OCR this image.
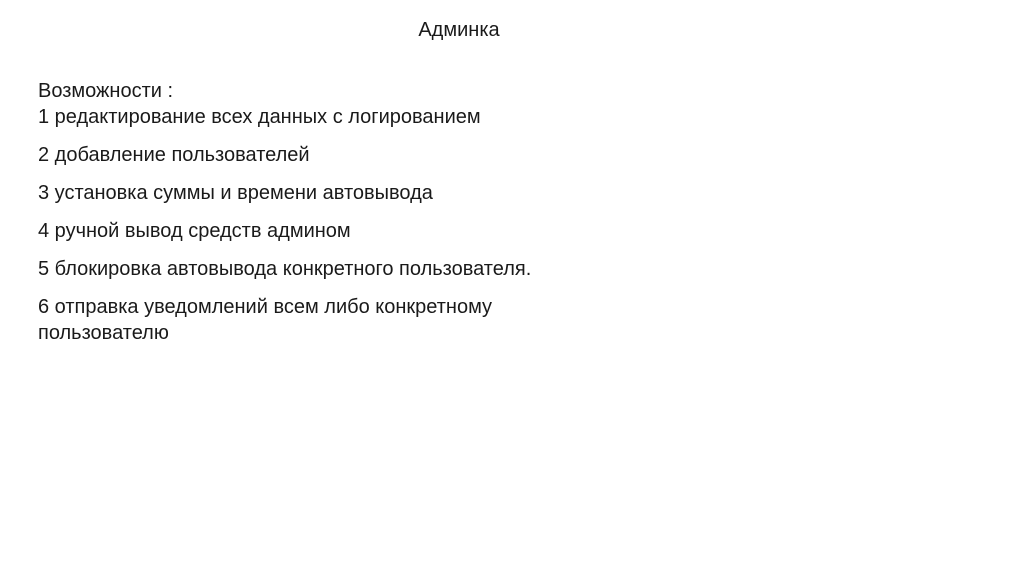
Админка
Возможности :
1 редактирование всех данных с логированием
2 добавление пользователей
3 установка суммы и времени автовывода
4 ручной вывод средств админом
5 блокировка автовывода конкретного пользователя.
6 отправка уведомлений всем либо конкретному пользователю
